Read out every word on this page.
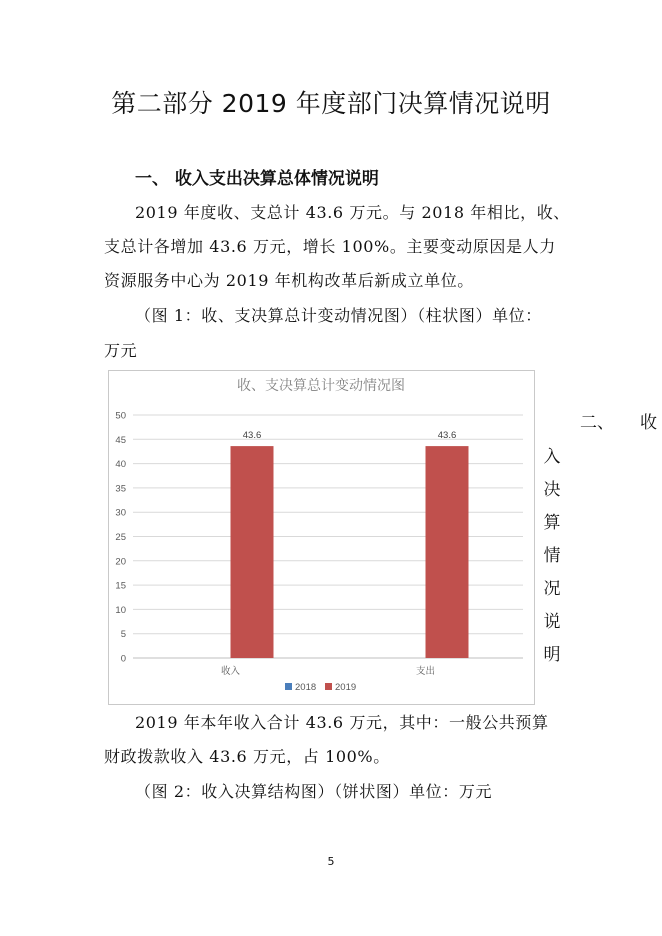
第二部分 2019 年度部门决算情况说明
一、 收入支出决算总体情况说明
2019 年度收、支总计 43.6 万元。与 2018 年相比，收、
支总计各增加 43.6 万元，增长 100%。主要变动原因是人力
资源服务中心为 2019 年机构改革后新成立单位。
（图 1：收、支决算总计变动情况图）（柱状图）单位：
万元
收、支决算总计变动情况图
0
5
10
15
20
25
30
35
40
45
50
43.6
收入
43.6
支出
2018 2019
二、 收
入
决
算
情
况
说
明
2019 年本年收入合计 43.6 万元，其中：一般公共预算
财政拨款收入 43.6 万元，占 100%。
（图 2：收入决算结构图）（饼状图）单位：万元
5
